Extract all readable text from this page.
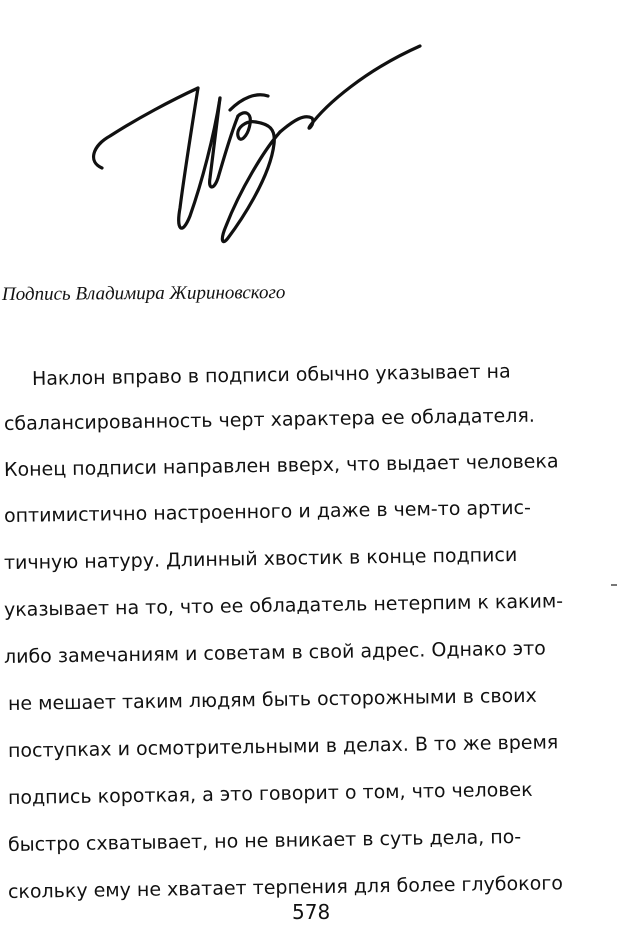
Подпись Владимира Жириновского

Наклон вправо в подписи обычно указывает на
сбалансированность черт характера ее обладателя.
Конец подписи направлен вверх, что выдает человека
оптимистично настроенного и даже в чем-то артис-
тичную натуру. Длинный хвостик в конце подписи
указывает на то, что ее обладатель нетерпим к каким-
либо замечаниям и советам в свой адрес. Однако это
не мешает таким людям быть осторожными в своих
поступках и осмотрительными в делах. В то же время
подпись короткая, а это говорит о том, что человек
быстро схватывает, но не вникает в суть дела, по-
скольку ему не хватает терпения для более глубокого

578
